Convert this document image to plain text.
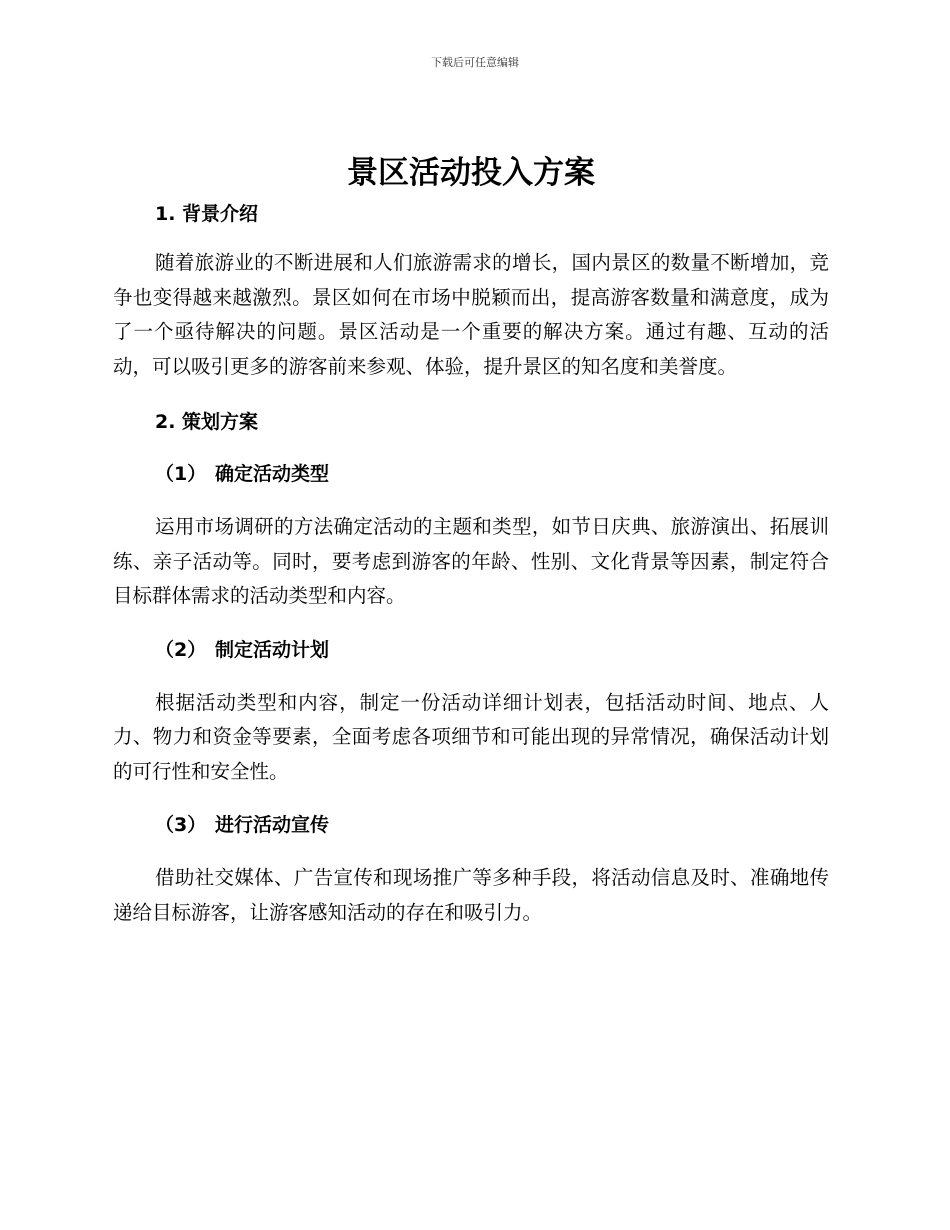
下载后可任意编辑
景区活动投入方案
1. 背景介绍

随着旅游业的不断进展和人们旅游需求的增长，国内景区的数量不断增加，竞争也变得越来越激烈。景区如何在市场中脱颖而出，提高游客数量和满意度，成为了一个亟待解决的问题。景区活动是一个重要的解决方案。通过有趣、互动的活动，可以吸引更多的游客前来参观、体验，提升景区的知名度和美誉度。

2. 策划方案
（1） 确定活动类型

运用市场调研的方法确定活动的主题和类型，如节日庆典、旅游演出、拓展训练、亲子活动等。同时，要考虑到游客的年龄、性别、文化背景等因素，制定符合目标群体需求的活动类型和内容。

（2） 制定活动计划

根据活动类型和内容，制定一份活动详细计划表，包括活动时间、地点、人力、物力和资金等要素，全面考虑各项细节和可能出现的异常情况，确保活动计划的可行性和安全性。

（3） 进行活动宣传

借助社交媒体、广告宣传和现场推广等多种手段，将活动信息及时、准确地传递给目标游客，让游客感知活动的存在和吸引力。
